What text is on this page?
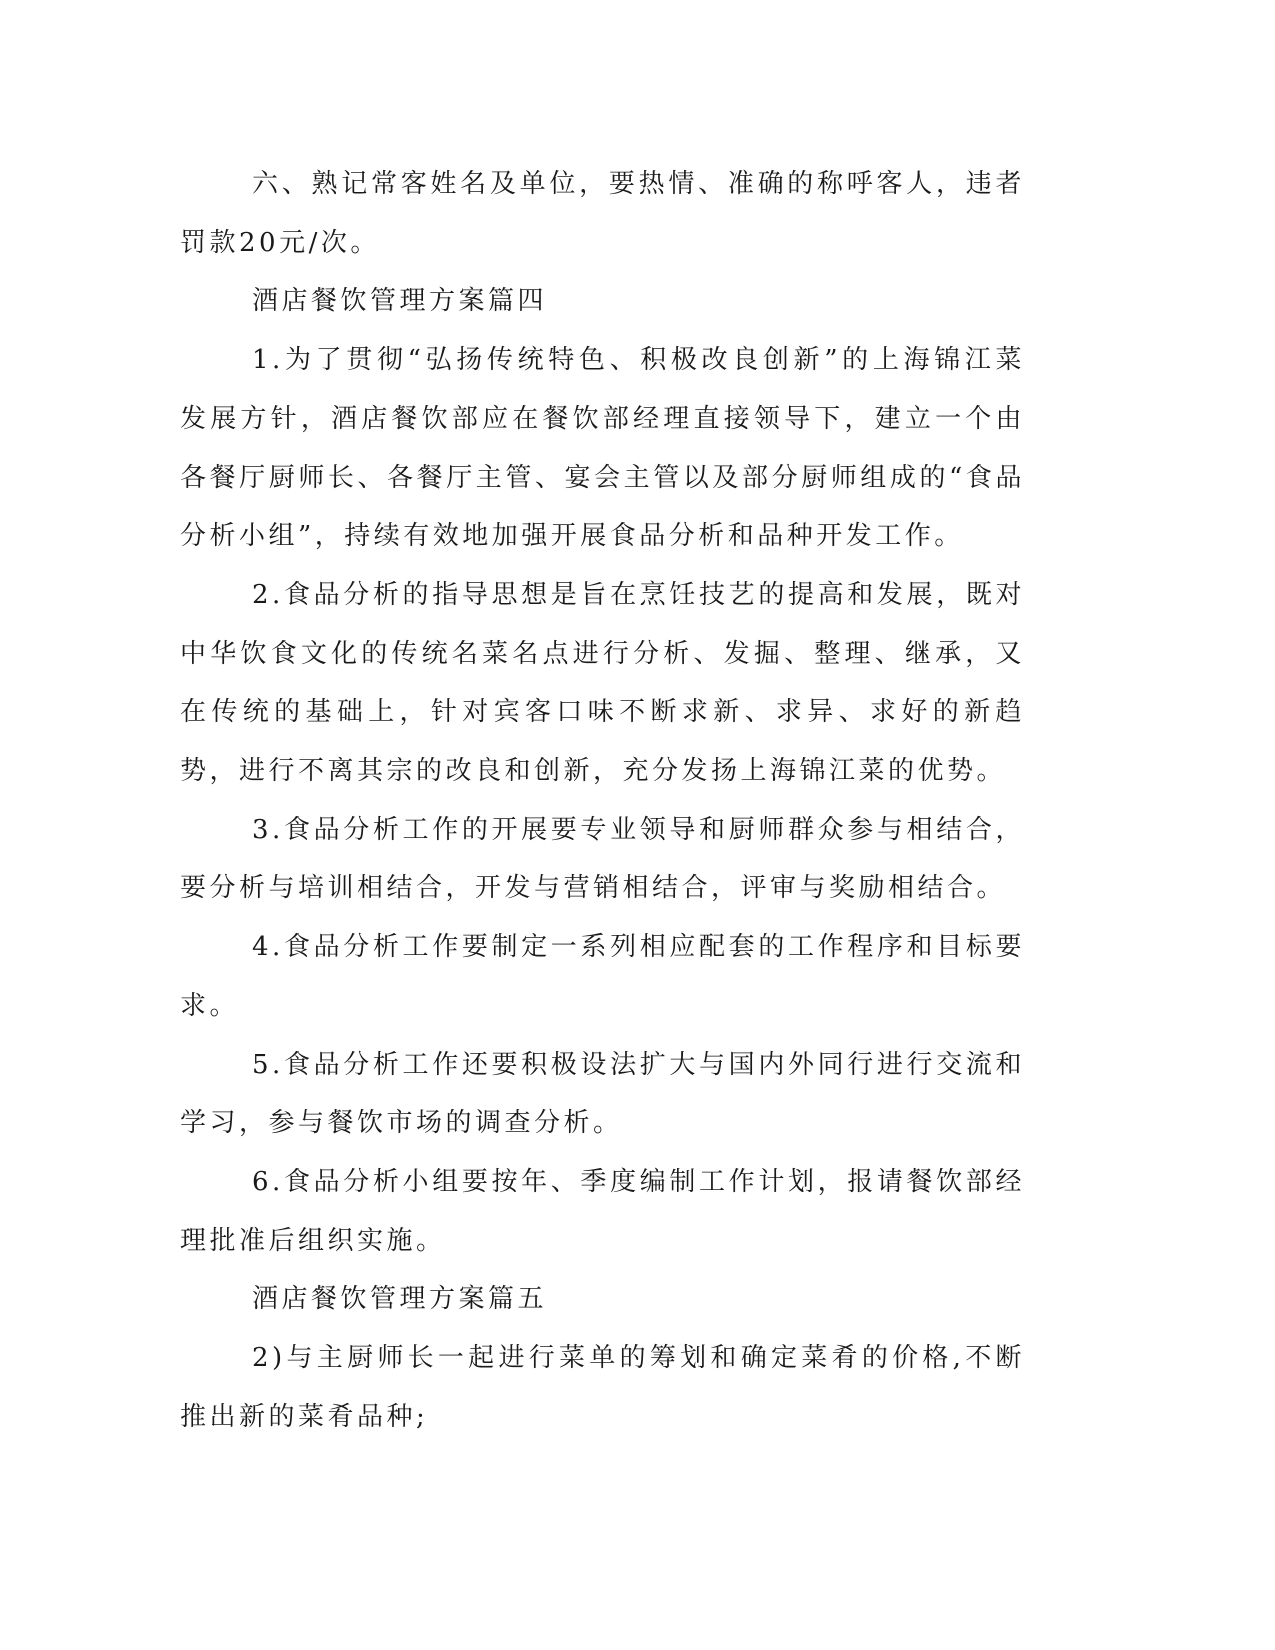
六、熟记常客姓名及单位，要热情、准确的称呼客人，违者罚款20元/次。

酒店餐饮管理方案篇四

1.为了贯彻“弘扬传统特色、积极改良创新”的上海锦江菜发展方针，酒店餐饮部应在餐饮部经理直接领导下，建立一个由各餐厅厨师长、各餐厅主管、宴会主管以及部分厨师组成的“食品分析小组”，持续有效地加强开展食品分析和品种开发工作。

2.食品分析的指导思想是旨在烹饪技艺的提高和发展，既对中华饮食文化的传统名菜名点进行分析、发掘、整理、继承，又在传统的基础上，针对宾客口味不断求新、求异、求好的新趋势，进行不离其宗的改良和创新，充分发扬上海锦江菜的优势。

3.食品分析工作的开展要专业领导和厨师群众参与相结合，要分析与培训相结合，开发与营销相结合，评审与奖励相结合。

4.食品分析工作要制定一系列相应配套的工作程序和目标要求。

5.食品分析工作还要积极设法扩大与国内外同行进行交流和学习，参与餐饮市场的调查分析。

6.食品分析小组要按年、季度编制工作计划，报请餐饮部经理批准后组织实施。

酒店餐饮管理方案篇五

2)与主厨师长一起进行菜单的筹划和确定菜肴的价格,不断推出新的菜肴品种;
